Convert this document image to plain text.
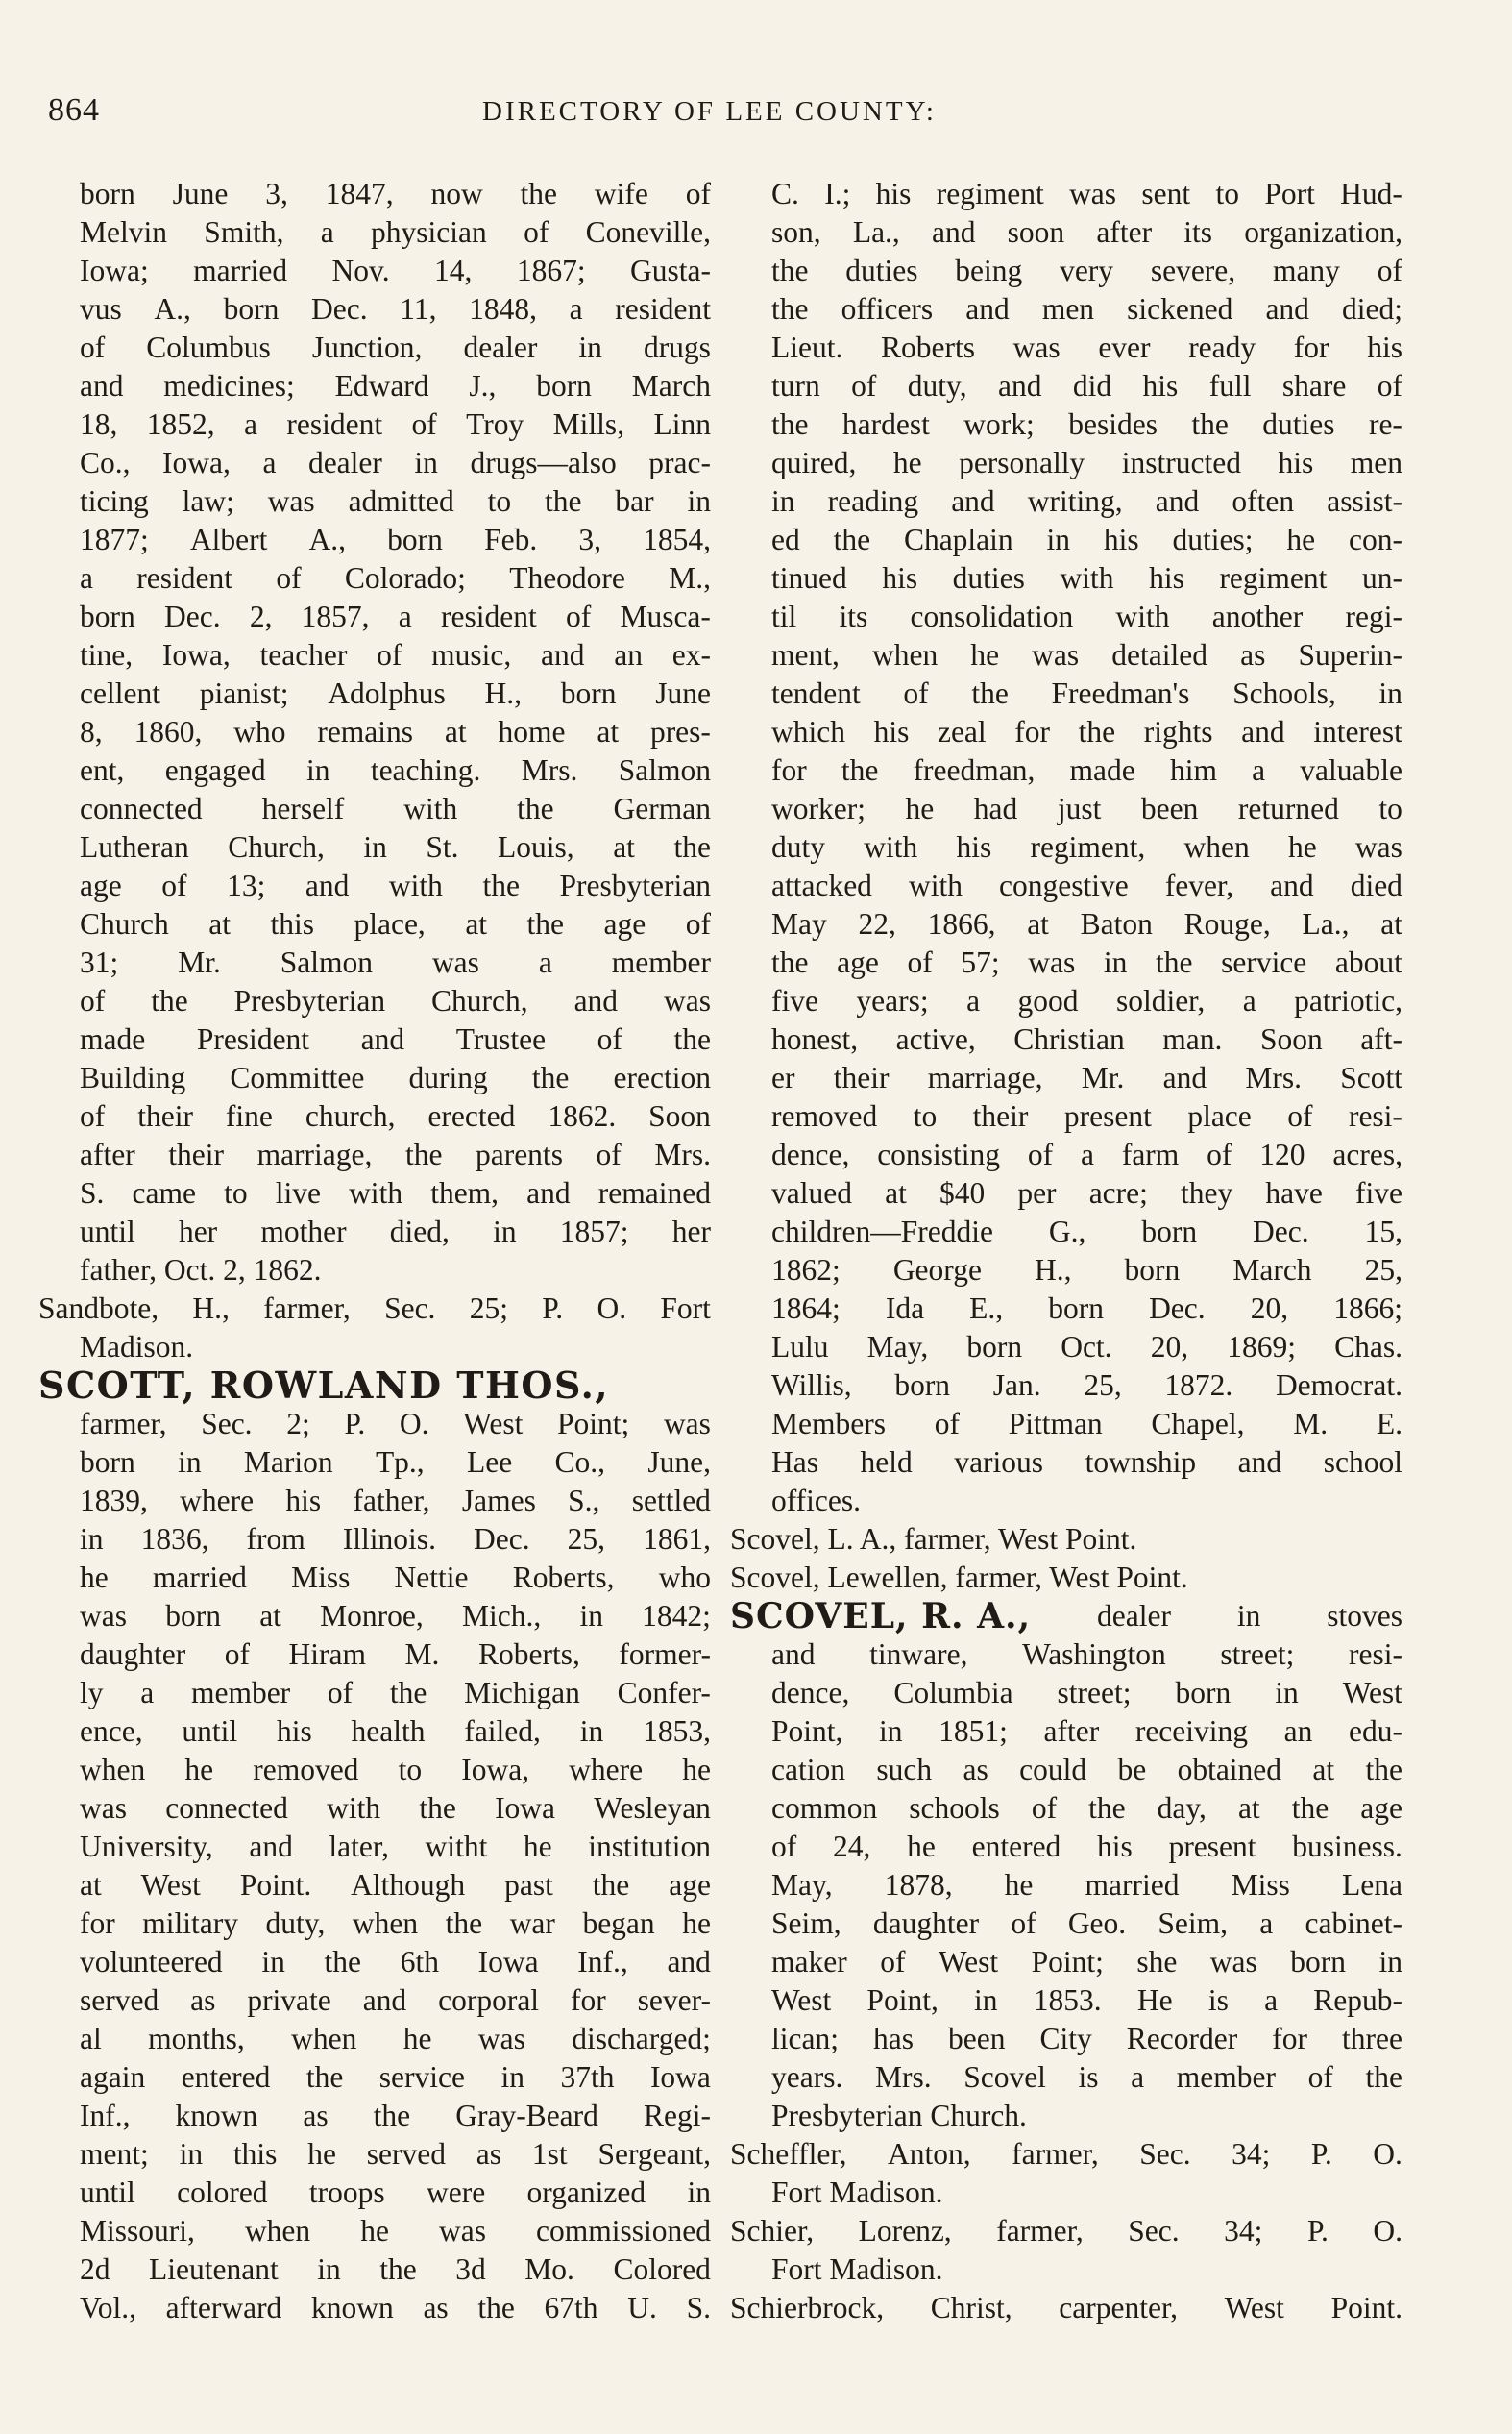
864	DIRECTORY OF LEE COUNTY:
born June 3, 1847, now the wife of
Melvin Smith, a physician of Coneville,
Iowa; married Nov. 14, 1867; Gusta-
vus A., born Dec. 11, 1848, a resident
of Columbus Junction, dealer in drugs
and medicines; Edward J., born March
18, 1852, a resident of Troy Mills, Linn
Co., Iowa, a dealer in drugs—also prac-
ticing law; was admitted to the bar in
1877; Albert A., born Feb. 3, 1854,
a resident of Colorado; Theodore M.,
born Dec. 2, 1857, a resident of Musca-
tine, Iowa, teacher of music, and an ex-
cellent pianist; Adolphus H., born June
8, 1860, who remains at home at pres-
ent, engaged in teaching. Mrs. Salmon
connected herself with the German
Lutheran Church, in St. Louis, at the
age of 13; and with the Presbyterian
Church at this place, at the age of
31; Mr. Salmon was a member
of the Presbyterian Church, and was
made President and Trustee of the
Building Committee during the erection
of their fine church, erected 1862. Soon
after their marriage, the parents of Mrs.
S. came to live with them, and remained
until her mother died, in 1857; her
father, Oct. 2, 1862.
Sandbote, H., farmer, Sec. 25; P. O. Fort
Madison.
SCOTT, ROWLAND THOS.,
farmer, Sec. 2; P. O. West Point; was
born in Marion Tp., Lee Co., June,
1839, where his father, James S., settled
in 1836, from Illinois. Dec. 25, 1861,
he married Miss Nettie Roberts, who
was born at Monroe, Mich., in 1842;
daughter of Hiram M. Roberts, former-
ly a member of the Michigan Confer-
ence, until his health failed, in 1853,
when he removed to Iowa, where he
was connected with the Iowa Wesleyan
University, and later, witht he institution
at West Point. Although past the age
for military duty, when the war began he
volunteered in the 6th Iowa Inf., and
served as private and corporal for sever-
al months, when he was discharged;
again entered the service in 37th Iowa
Inf., known as the Gray-Beard Regi-
ment; in this he served as 1st Sergeant,
until colored troops were organized in
Missouri, when he was commissioned
2d Lieutenant in the 3d Mo. Colored
Vol., afterward known as the 67th U. S.
C. I.; his regiment was sent to Port Hud-
son, La., and soon after its organization,
the duties being very severe, many of
the officers and men sickened and died;
Lieut. Roberts was ever ready for his
turn of duty, and did his full share of
the hardest work; besides the duties re-
quired, he personally instructed his men
in reading and writing, and often assist-
ed the Chaplain in his duties; he con-
tinued his duties with his regiment un-
til its consolidation with another regi-
ment, when he was detailed as Superin-
tendent of the Freedman's Schools, in
which his zeal for the rights and interest
for the freedman, made him a valuable
worker; he had just been returned to
duty with his regiment, when he was
attacked with congestive fever, and died
May 22, 1866, at Baton Rouge, La., at
the age of 57; was in the service about
five years; a good soldier, a patriotic,
honest, active, Christian man. Soon aft-
er their marriage, Mr. and Mrs. Scott
removed to their present place of resi-
dence, consisting of a farm of 120 acres,
valued at $40 per acre; they have five
children—Freddie G., born Dec. 15,
1862; George H., born March 25,
1864; Ida E., born Dec. 20, 1866;
Lulu May, born Oct. 20, 1869; Chas.
Willis, born Jan. 25, 1872. Democrat.
Members of Pittman Chapel, M. E.
Has held various township and school
offices.
Scovel, L. A., farmer, West Point.
Scovel, Lewellen, farmer, West Point.
SCOVEL, R. A., dealer in stoves
and tinware, Washington street; resi-
dence, Columbia street; born in West
Point, in 1851; after receiving an edu-
cation such as could be obtained at the
common schools of the day, at the age
of 24, he entered his present business.
May, 1878, he married Miss Lena
Seim, daughter of Geo. Seim, a cabinet-
maker of West Point; she was born in
West Point, in 1853. He is a Repub-
lican; has been City Recorder for three
years. Mrs. Scovel is a member of the
Presbyterian Church.
Scheffler, Anton, farmer, Sec. 34; P. O.
Fort Madison.
Schier, Lorenz, farmer, Sec. 34; P. O.
Fort Madison.
Schierbrock, Christ, carpenter, West Point.
